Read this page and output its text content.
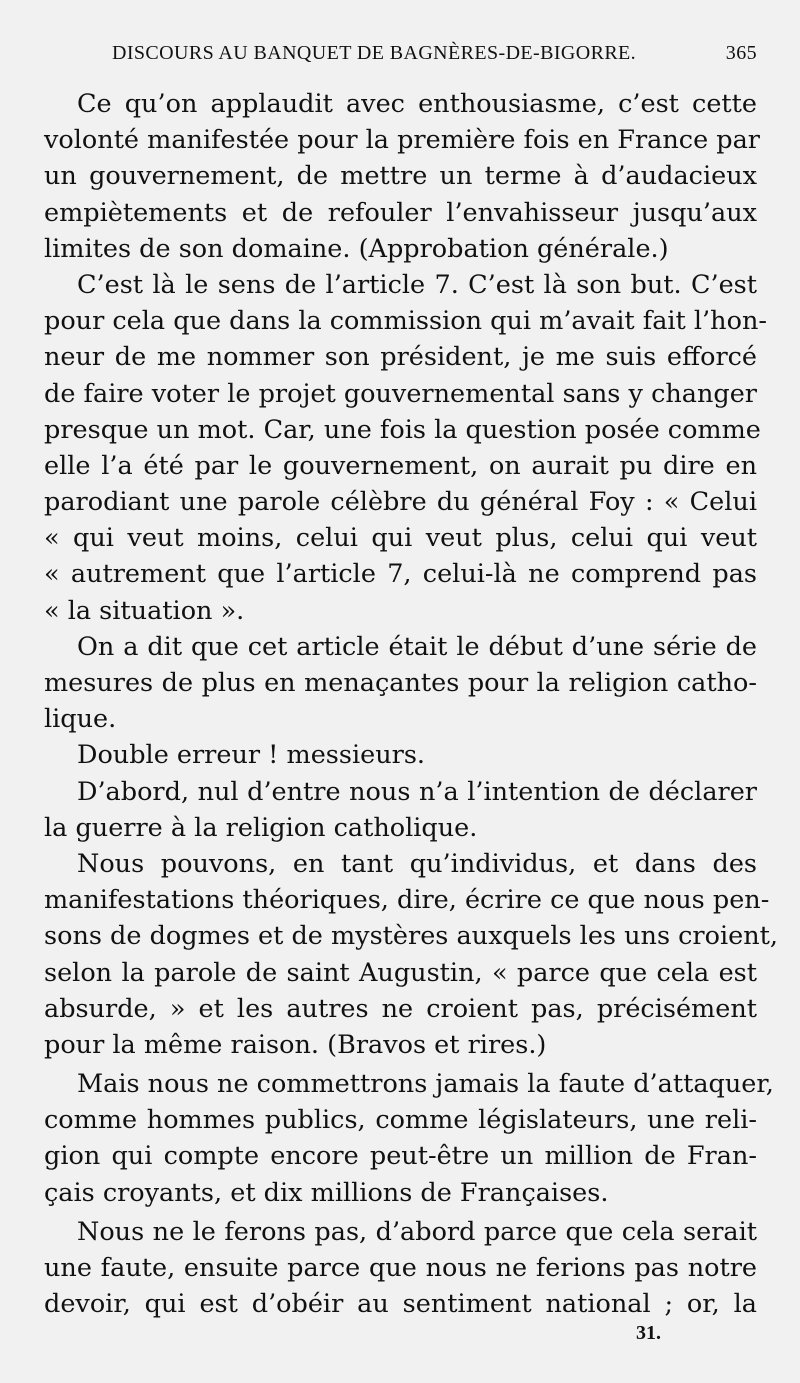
DISCOURS AU BANQUET DE BAGNÈRES-DE-BIGORRE.	365
Ce qu’on applaudit avec enthousiasme, c’est cette
volonté manifestée pour la première fois en France par
un gouvernement, de mettre un terme à d’audacieux
empiètements et de refouler l’envahisseur jusqu’aux
limites de son domaine. (Approbation générale.)
C’est là le sens de l’article 7. C’est là son but. C’est
pour cela que dans la commission qui m’avait fait l’hon-
neur de me nommer son président, je me suis efforcé
de faire voter le projet gouvernemental sans y changer
presque un mot. Car, une fois la question posée comme
elle l’a été par le gouvernement, on aurait pu dire en
parodiant une parole célèbre du général Foy : « Celui
« qui veut moins, celui qui veut plus, celui qui veut
« autrement que l’article 7, celui-là ne comprend pas
« la situation ».
On a dit que cet article était le début d’une série de
mesures de plus en menaçantes pour la religion catho-
lique.
Double erreur ! messieurs.
D’abord, nul d’entre nous n’a l’intention de déclarer
la guerre à la religion catholique.
Nous pouvons, en tant qu’individus, et dans des
manifestations théoriques, dire, écrire ce que nous pen-
sons de dogmes et de mystères auxquels les uns croient,
selon la parole de saint Augustin, « parce que cela est
absurde, » et les autres ne croient pas, précisément
pour la même raison. (Bravos et rires.)
Mais nous ne commettrons jamais la faute d’attaquer,
comme hommes publics, comme législateurs, une reli-
gion qui compte encore peut-être un million de Fran-
çais croyants, et dix millions de Françaises.
Nous ne le ferons pas, d’abord parce que cela serait
une faute, ensuite parce que nous ne ferions pas notre
devoir, qui est d’obéir au sentiment national ; or, la
31.
